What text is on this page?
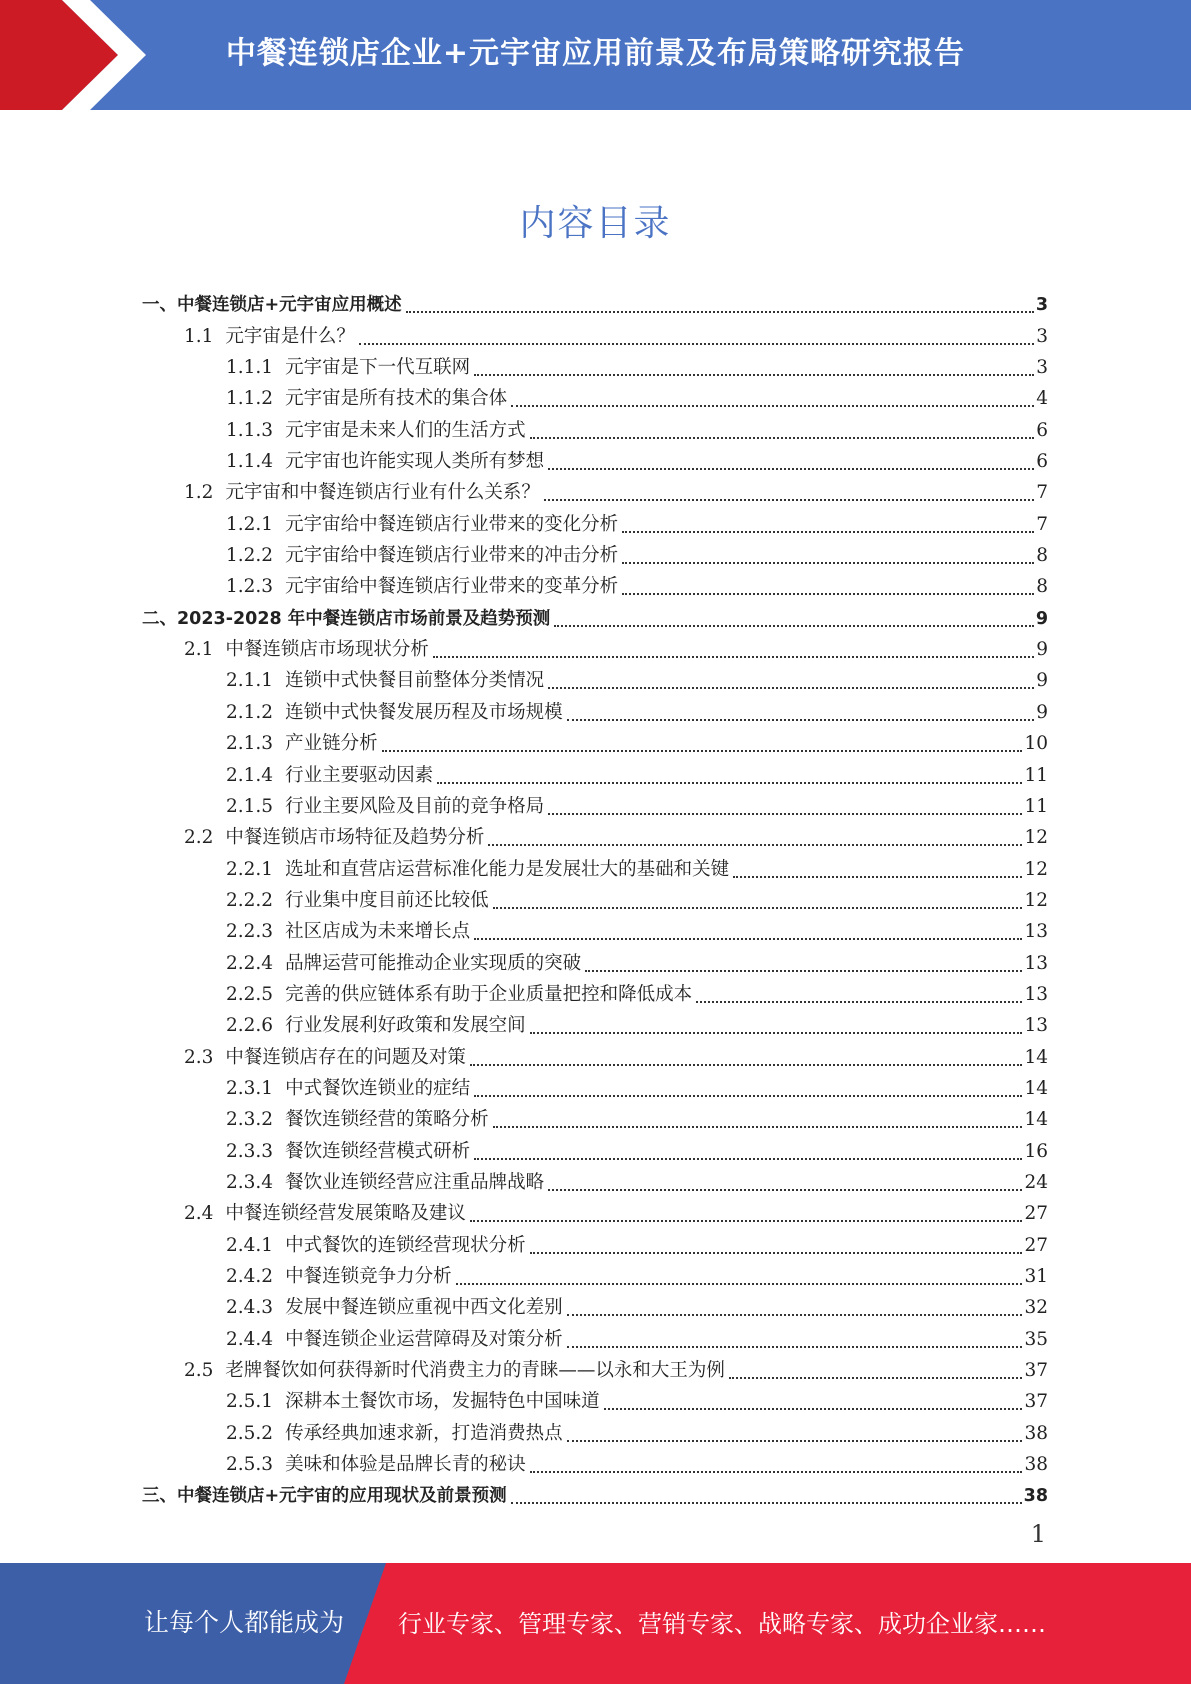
中餐连锁店企业+元宇宙应用前景及布局策略研究报告
内容目录
一、中餐连锁店+元宇宙应用概述	3
1.1 元宇宙是什么？	3
1.1.1 元宇宙是下一代互联网	3
1.1.2 元宇宙是所有技术的集合体	4
1.1.3 元宇宙是未来人们的生活方式	6
1.1.4 元宇宙也许能实现人类所有梦想	6
1.2 元宇宙和中餐连锁店行业有什么关系？	7
1.2.1 元宇宙给中餐连锁店行业带来的变化分析	7
1.2.2 元宇宙给中餐连锁店行业带来的冲击分析	8
1.2.3 元宇宙给中餐连锁店行业带来的变革分析	8
二、2023-2028 年中餐连锁店市场前景及趋势预测	9
2.1 中餐连锁店市场现状分析	9
2.1.1 连锁中式快餐目前整体分类情况	9
2.1.2 连锁中式快餐发展历程及市场规模	9
2.1.3 产业链分析	10
2.1.4 行业主要驱动因素	11
2.1.5 行业主要风险及目前的竞争格局	11
2.2 中餐连锁店市场特征及趋势分析	12
2.2.1 选址和直营店运营标准化能力是发展壮大的基础和关键	12
2.2.2 行业集中度目前还比较低	12
2.2.3 社区店成为未来增长点	13
2.2.4 品牌运营可能推动企业实现质的突破	13
2.2.5 完善的供应链体系有助于企业质量把控和降低成本	13
2.2.6 行业发展利好政策和发展空间	13
2.3 中餐连锁店存在的问题及对策	14
2.3.1 中式餐饮连锁业的症结	14
2.3.2 餐饮连锁经营的策略分析	14
2.3.3 餐饮连锁经营模式研析	16
2.3.4 餐饮业连锁经营应注重品牌战略	24
2.4 中餐连锁经营发展策略及建议	27
2.4.1 中式餐饮的连锁经营现状分析	27
2.4.2 中餐连锁竞争力分析	31
2.4.3 发展中餐连锁应重视中西文化差别	32
2.4.4 中餐连锁企业运营障碍及对策分析	35
2.5 老牌餐饮如何获得新时代消费主力的青睐——以永和大王为例	37
2.5.1 深耕本土餐饮市场，发掘特色中国味道	37
2.5.2 传承经典加速求新，打造消费热点	38
2.5.3 美味和体验是品牌长青的秘诀	38
三、中餐连锁店+元宇宙的应用现状及前景预测	38
1
让每个人都能成为 行业专家、管理专家、营销专家、战略专家、成功企业家……
